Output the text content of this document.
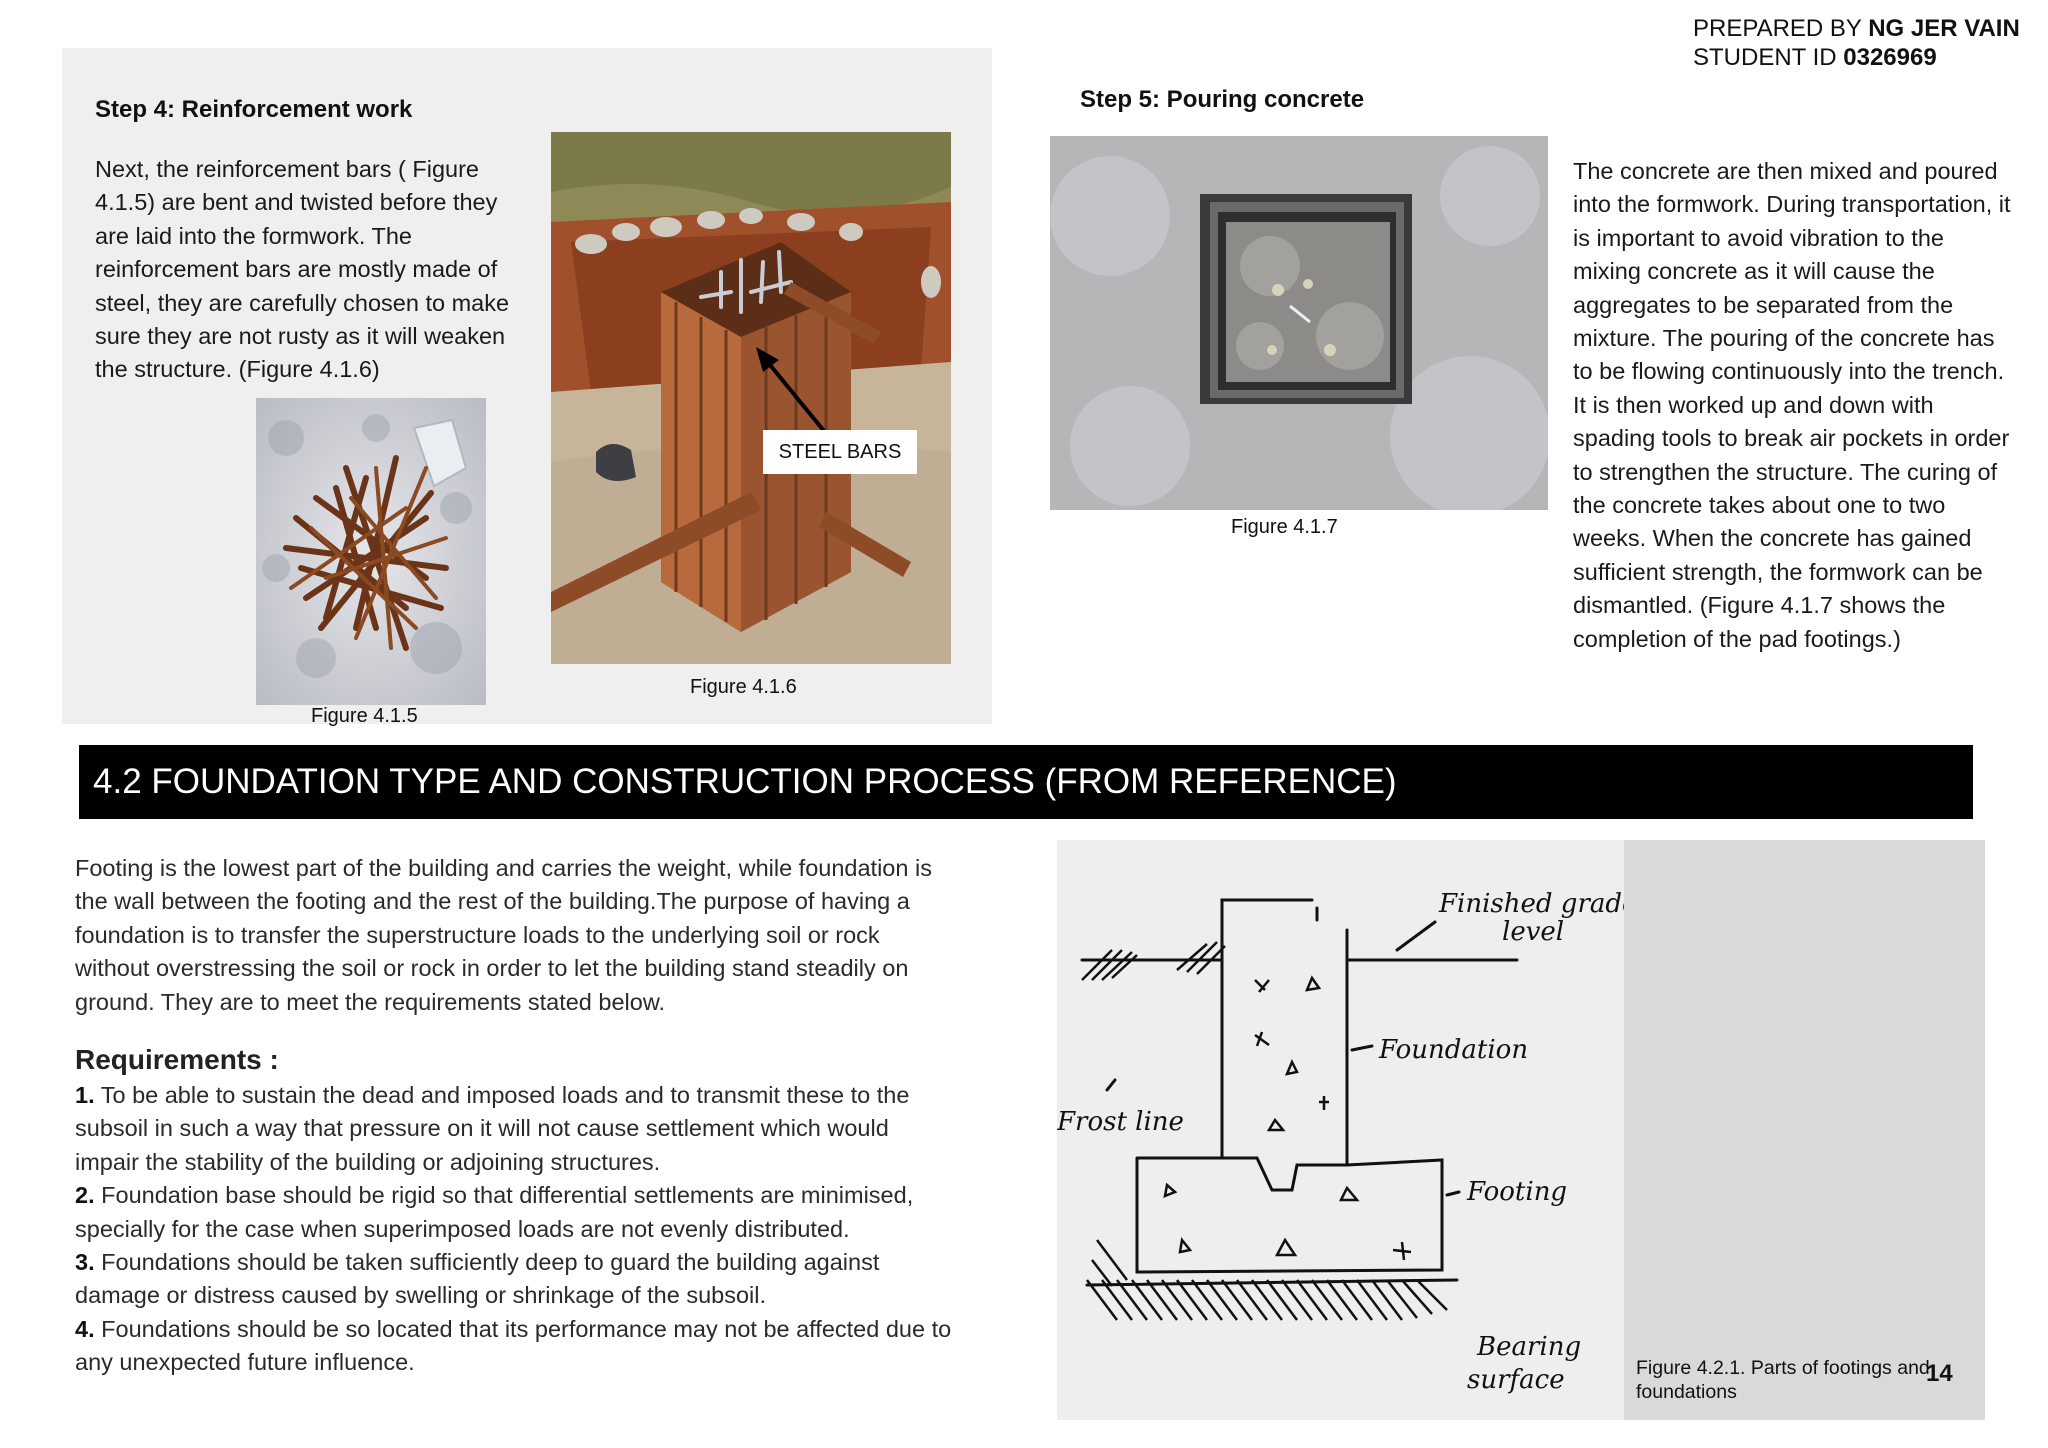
PREPARED BY NG JER VAIN
STUDENT ID 0326969
Step 4: Reinforcement work

Next, the reinforcement bars ( Figure

4.1.5) are bent and twisted before they

are laid into the formwork. The

reinforcement bars are mostly made of

steel, they are carefully chosen to make

sure they are not rusty as it will weaken

the structure. (Figure 4.1.6)

Figure 4.1.5
STEEL BARS
Figure 4.1.6
Step 5: Pouring concrete
Figure 4.1.7

The concrete are then mixed and poured

into the formwork. During transportation, it

is important to avoid vibration to the

mixing concrete as it will cause the

aggregates to be separated from the

mixture. The pouring of the concrete has

to be flowing continuously into the trench.

It is then worked up and down with

spading tools to break air pockets in order

to strengthen the structure. The curing of

the concrete takes about one to two

weeks. When the concrete has gained

sufficient strength, the formwork can be

dismantled. (Figure 4.1.7 shows the

completion of the pad footings.)

4.2 FOUNDATION TYPE AND CONSTRUCTION PROCESS (FROM REFERENCE)

Footing is the lowest part of the building and carries the weight, while foundation is

the wall between the footing and the rest of the building.The purpose of having a

foundation is to transfer the superstructure loads to the underlying soil or rock

without overstressing the soil or rock in order to let the building stand steadily on

ground. They are to meet the requirements stated below.

Requirements :

1. To be able to sustain the dead and imposed loads and to transmit these to the

subsoil in such a way that pressure on it will not cause settlement which would

impair the stability of the building or adjoining structures.

2. Foundation base should be rigid so that differential settlements are minimised,

specially for the case when superimposed loads are not evenly distributed.

3. Foundations should be taken sufficiently deep to guard the building against

damage or distress caused by swelling or shrinkage of the subsoil.

4. Foundations should be so located that its performance may not be affected due to

any unexpected future influence.

Finished grade
level
Foundation
Frost line
Footing
Bearing
surface	Figure 4.2.1. Parts of footings and
foundations
14
